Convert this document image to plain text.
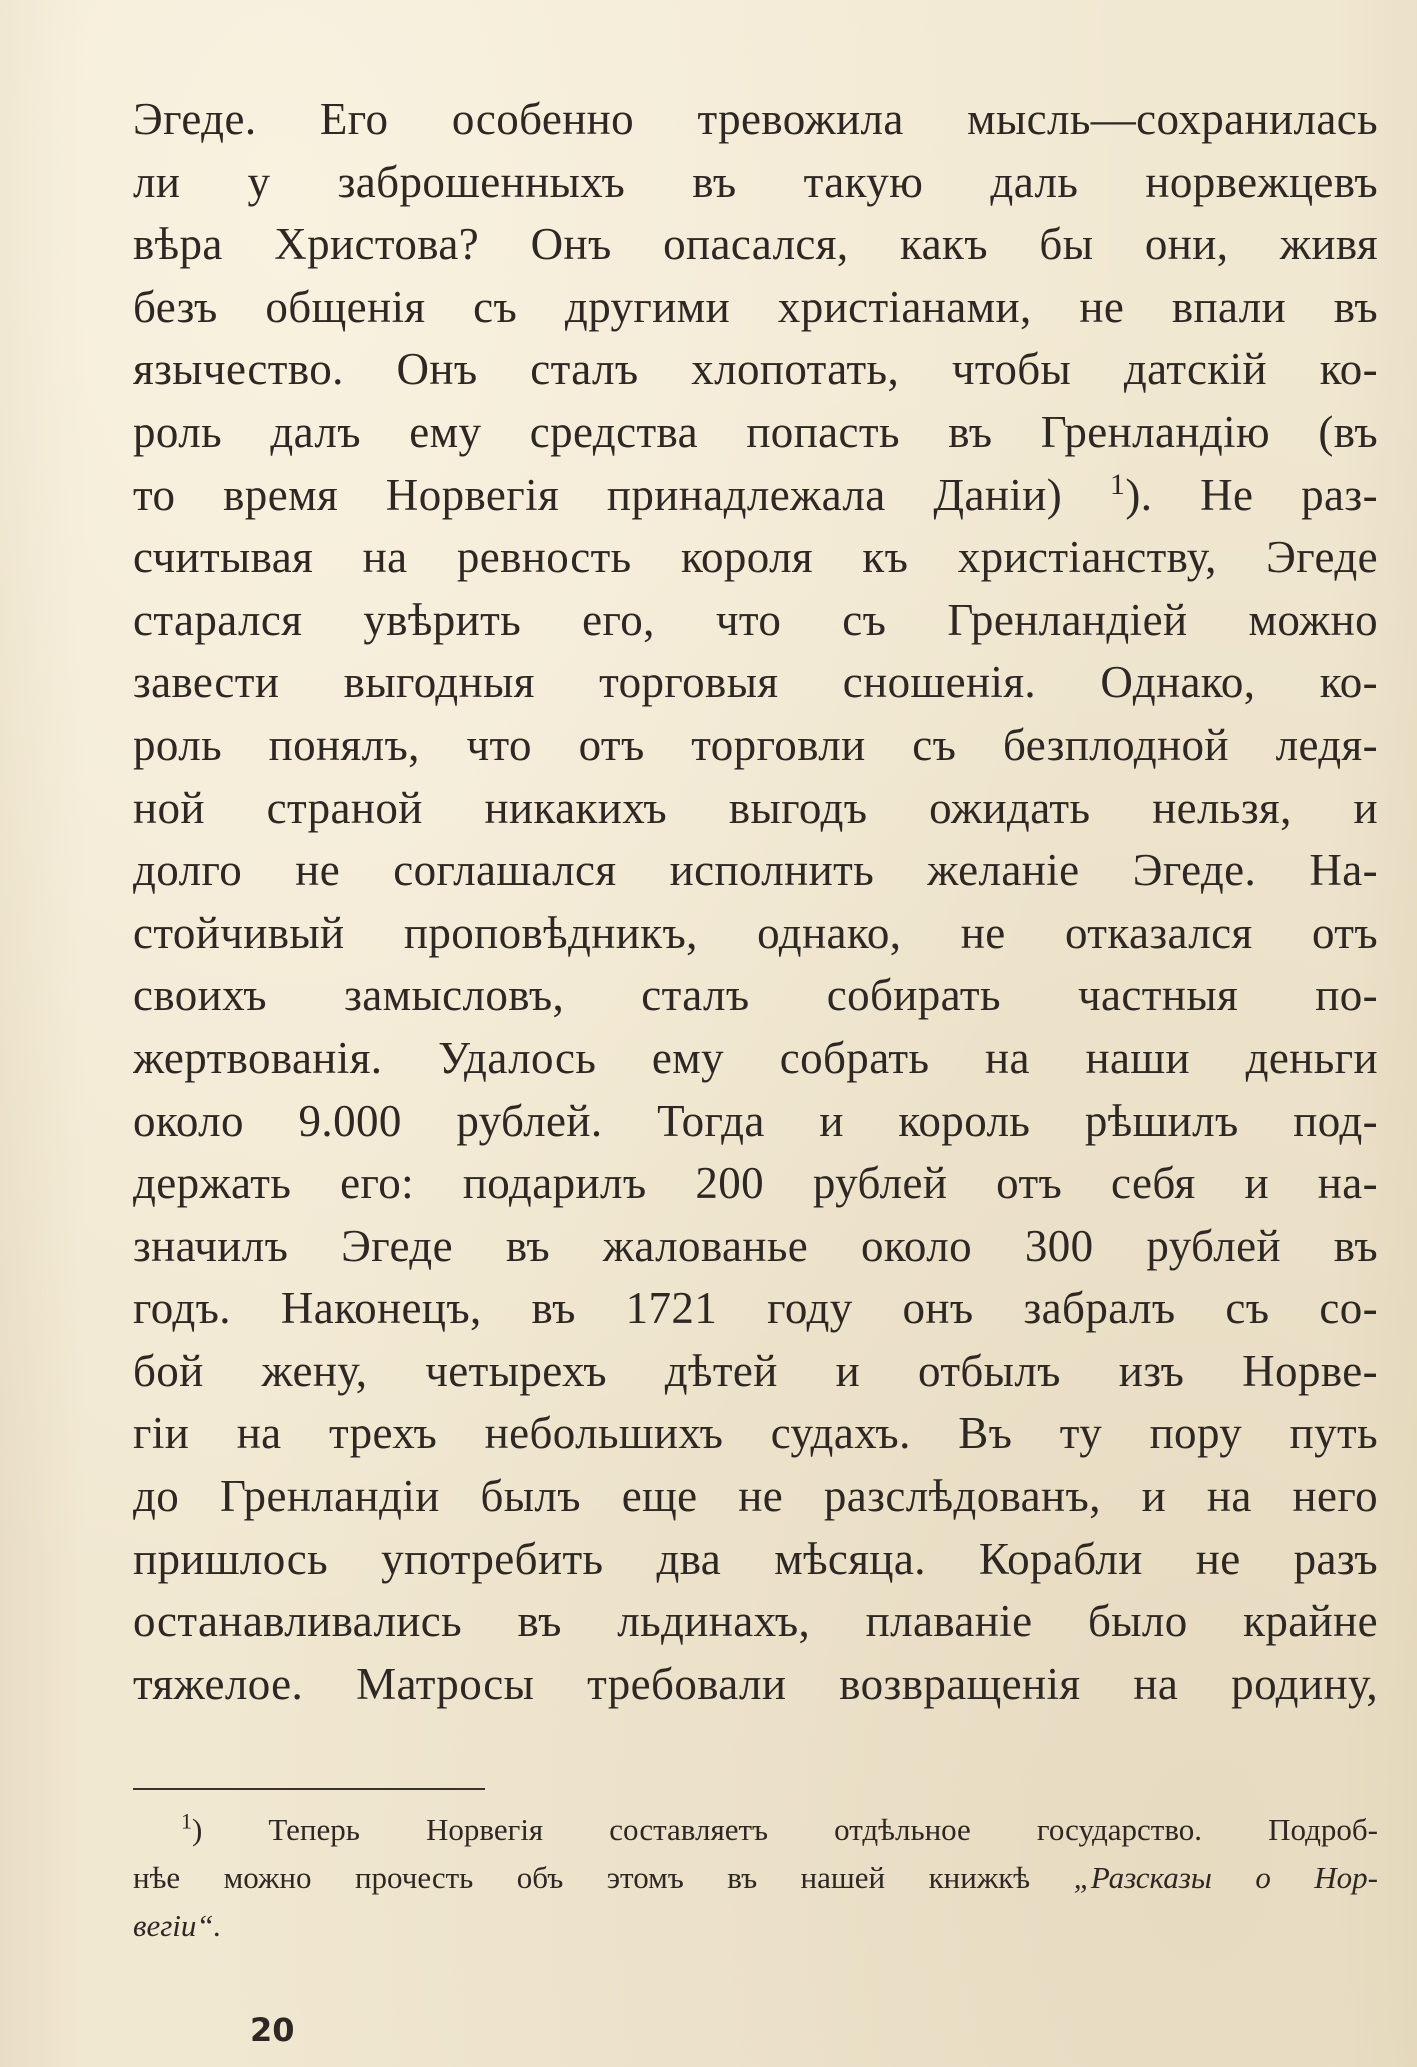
Эгеде. Его особенно тревожила мысль—сохранилась
ли у заброшенныхъ въ такую даль норвежцевъ
вѣра Христова? Онъ опасался, какъ бы они, живя
безъ общенія съ другими христіанами, не впали въ
язычество. Онъ сталъ хлопотать, чтобы датскій ко-
роль далъ ему средства попасть въ Гренландію (въ
то время Норвегія принадлежала Даніи) $^1$). Не раз-
считывая на ревность короля къ христіанству, Эгеде
старался увѣрить его, что съ Гренландіей можно
завести выгодныя торговыя сношенія. Однако, ко-
роль понялъ, что отъ торговли съ безплодной ледя-
ной страной никакихъ выгодъ ожидать нельзя, и
долго не соглашался исполнить желаніе Эгеде. На-
стойчивый проповѣдникъ, однако, не отказался отъ
своихъ замысловъ, сталъ собирать частныя по-
жертвованія. Удалось ему собрать на наши деньги
около 9.000 рублей. Тогда и король рѣшилъ под-
держать его: подарилъ 200 рублей отъ себя и на-
значилъ Эгеде въ жалованье около 300 рублей въ
годъ. Наконецъ, въ 1721 году онъ забралъ съ со-
бой жену, четырехъ дѣтей и отбылъ изъ Норве-
гіи на трехъ небольшихъ судахъ. Въ ту пору путь
до Гренландіи былъ еще не разслѣдованъ, и на него
пришлось употребить два мѣсяца. Корабли не разъ
останавливались въ льдинахъ, плаваніе было крайне
тяжелое. Матросы требовали возвращенія на родину,
$^1$) Теперь Норвегія составляетъ отдѣльное государство. Подроб-
нѣе можно прочесть объ этомъ въ нашей книжкѣ „Разсказы о Нор-
вегіи“.
20
